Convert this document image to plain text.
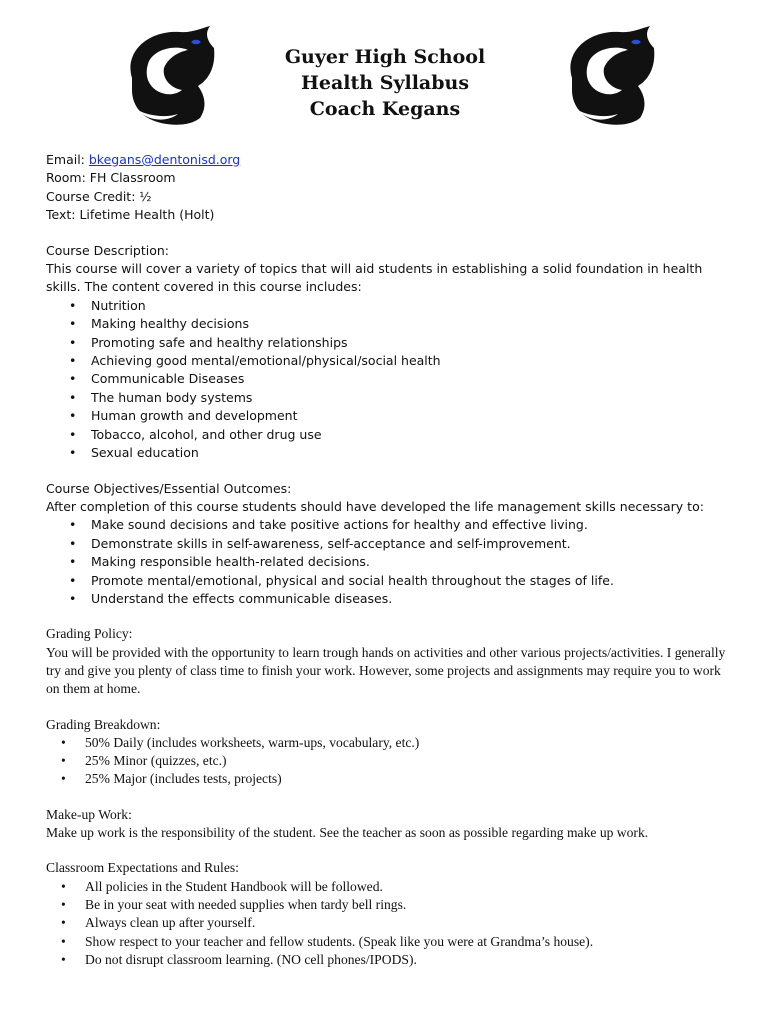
Guyer High School
Health Syllabus
Coach Kegans
Email: bkegans@dentonisd.org
Room: FH Classroom
Course Credit: ½
Text: Lifetime Health (Holt)
Course Description:
This course will cover a variety of topics that will aid students in establishing a solid foundation in health skills. The content covered in this course includes:
• Nutrition
• Making healthy decisions
• Promoting safe and healthy relationships
• Achieving good mental/emotional/physical/social health
• Communicable Diseases
• The human body systems
• Human growth and development
• Tobacco, alcohol, and other drug use
• Sexual education
Course Objectives/Essential Outcomes:
After completion of this course students should have developed the life management skills necessary to:
• Make sound decisions and take positive actions for healthy and effective living.
• Demonstrate skills in self-awareness, self-acceptance and self-improvement.
• Making responsible health-related decisions.
• Promote mental/emotional, physical and social health throughout the stages of life.
• Understand the effects communicable diseases.
Grading Policy:
You will be provided with the opportunity to learn trough hands on activities and other various projects/activities. I generally try and give you plenty of class time to finish your work. However, some projects and assignments may require you to work on them at home.
Grading Breakdown:
• 50% Daily (includes worksheets, warm-ups, vocabulary, etc.)
• 25% Minor (quizzes, etc.)
• 25% Major (includes tests, projects)
Make-up Work:
Make up work is the responsibility of the student. See the teacher as soon as possible regarding make up work.
Classroom Expectations and Rules:
• All policies in the Student Handbook will be followed.
• Be in your seat with needed supplies when tardy bell rings.
• Always clean up after yourself.
• Show respect to your teacher and fellow students. (Speak like you were at Grandma’s house).
• Do not disrupt classroom learning. (NO cell phones/IPODS).
